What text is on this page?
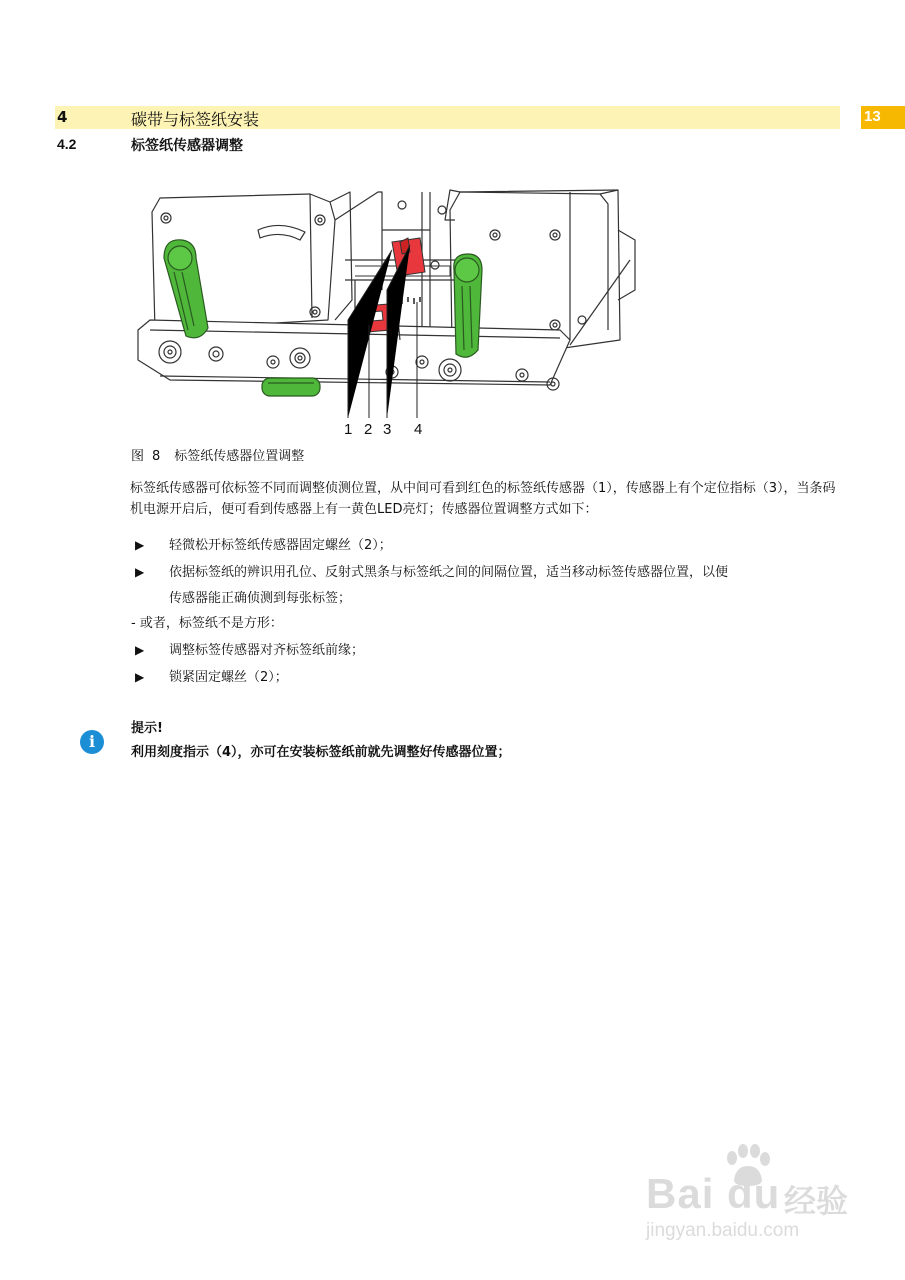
4	碳带与标签纸安装	13
4.2	标签纸传感器调整
1 2 3 4
图 8 标签纸传感器位置调整
标签纸传感器可依标签不同而调整侦测位置，从中间可看到红色的标签纸传感器（1），传感器上有个定位指标（3），当条码机电源开启后，便可看到传感器上有一黄色LED亮灯；传感器位置调整方式如下：
▶ 轻微松开标签纸传感器固定螺丝（2）；
▶ 依据标签纸的辨识用孔位、反射式黑条与标签纸之间的间隔位置，适当移动标签传感器位置，以便
传感器能正确侦测到每张标签；
- 或者，标签纸不是方形：
▶ 调整标签传感器对齐标签纸前缘；
▶ 锁紧固定螺丝（2）；
i
提示!
利用刻度指示（4），亦可在安装标签纸前就先调整好传感器位置；
Bai du 经验
jingyan.baidu.com
